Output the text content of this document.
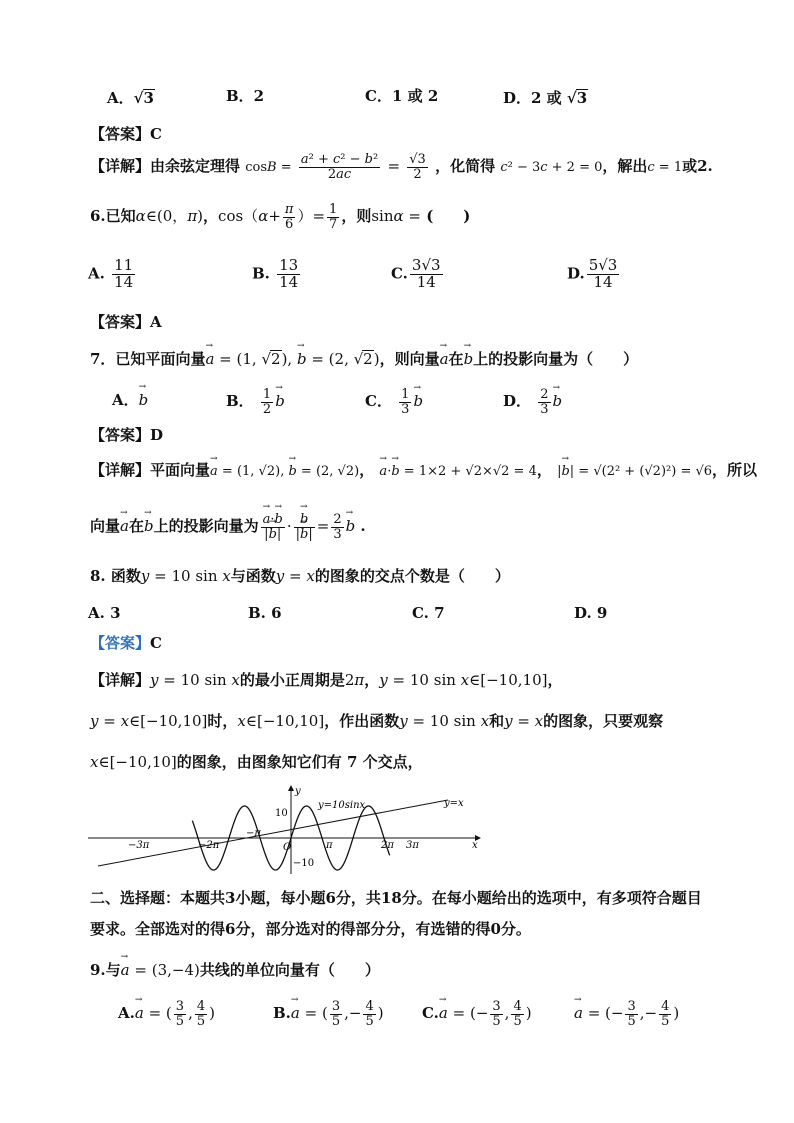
A．√3	B．2	C．1 或 2	D．2 或 √3
【答案】C
【详解】由余弦定理得 $\cos B = \frac{\text{a² + c² − b²}}{2ac} = \frac{√3}{2}$ ，化简得 c² − 3c + 2 = 0，解出c = 1或2.
6.已知α∈(0，π)，$\cos(\alpha+ \frac{\pi}{6}$ ）= $\frac{1}{7}$ ，则sinα = (　　)
A. $\frac{11}{14}$	B. $\frac{13}{14}$	C. $\frac{3√3}{14}$	D. $\frac{5√3}{14}$
【答案】A
7．已知平面向量→ a = (1, √2), → b = (2, √2)，则向量→ a在→ b上的投影向量为（　　）
A．→ b	B． $\frac{1}{2}$
→ b	C． $\frac{1}{3}$
→ b	D． $\frac{2}{3}$
→ b
【答案】D
【详解】平面向量→ a = (1, √2), → b = (2, √2)， → a·→ b = 1×2 + √2×√2 = 4， |→ b| = √(2² + (√2)²) = √6，所以
向量→ a在→ b上的投影向量为
→ $\frac{a\cdot\to b}{|\to b|}$ ·
→ $\frac{b}{|\to b|} = \frac{2}{3}$
→ b .
8. 函数y = 10 sin x与函数y = x的图象的交点个数是（　　）
A. 3	B. 6	C. 7	D. 9
【答案】C
【详解】y = 10 sin x的最小正周期是2π，y = 10 sin x∈[−10,10]，
y = x∈[−10,10]时，x∈[−10,10]，作出函数y = 10 sin x和y = x的图象，只要观察
x∈[−10,10]的图象，由图象知它们有 7 个交点，
y
x
O
10
−10
−3π	−2π
−π
π	2π 3π
y=10sinx	y=x
二、选择题：本题共3小题，每小题6分，共18分。在每小题给出的选项中，有多项符合题目
要求。全部选对的得6分，部分选对的得部分分，有选错的得0分。
9.与→ a = (3,−4)共线的单位向量有（　　）
A.→ a = ( $\frac{3}{5}$ , $\frac{4}{5}$ )	B.→ a = ( $\frac{3}{5}$ ,− $\frac{4}{5}$ )	C.→ a = (− $\frac{3}{5}$ , $\frac{4}{5}$ )
→	a = (− $\frac{3}{5}$ ,− $\frac{4}{5}$ )
